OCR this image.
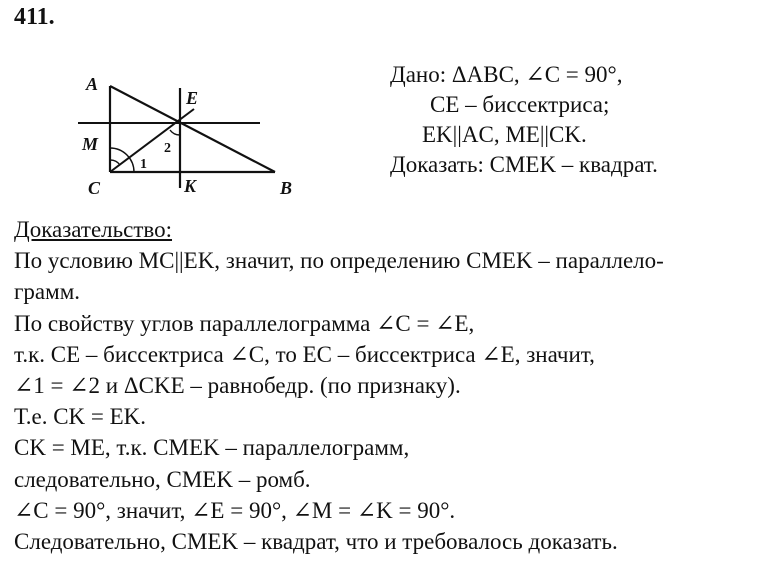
411.
A
E
M
C	K	B
1
2
Дано: ΔABC, ∠C = 90°,
CE – биссектриса;
EK||AC, ME||CK.
Доказать: CMEK – квадрат.
Доказательство:
По условию MC||EK, значит, по определению CMEK – параллело-
грамм.
По свойству углов параллелограмма ∠C = ∠E,
т.к. CE – биссектриса ∠C, то EC – биссектриса ∠E, значит,
∠1 = ∠2 и ΔCKE – равнобедр. (по признаку).
Т.е. CK = EK.
CK = ME, т.к. CMEK – параллелограмм,
следовательно, CMEK – ромб.
∠C = 90°, значит, ∠E = 90°, ∠M = ∠K = 90°.
Следовательно, CMEK – квадрат, что и требовалось доказать.
